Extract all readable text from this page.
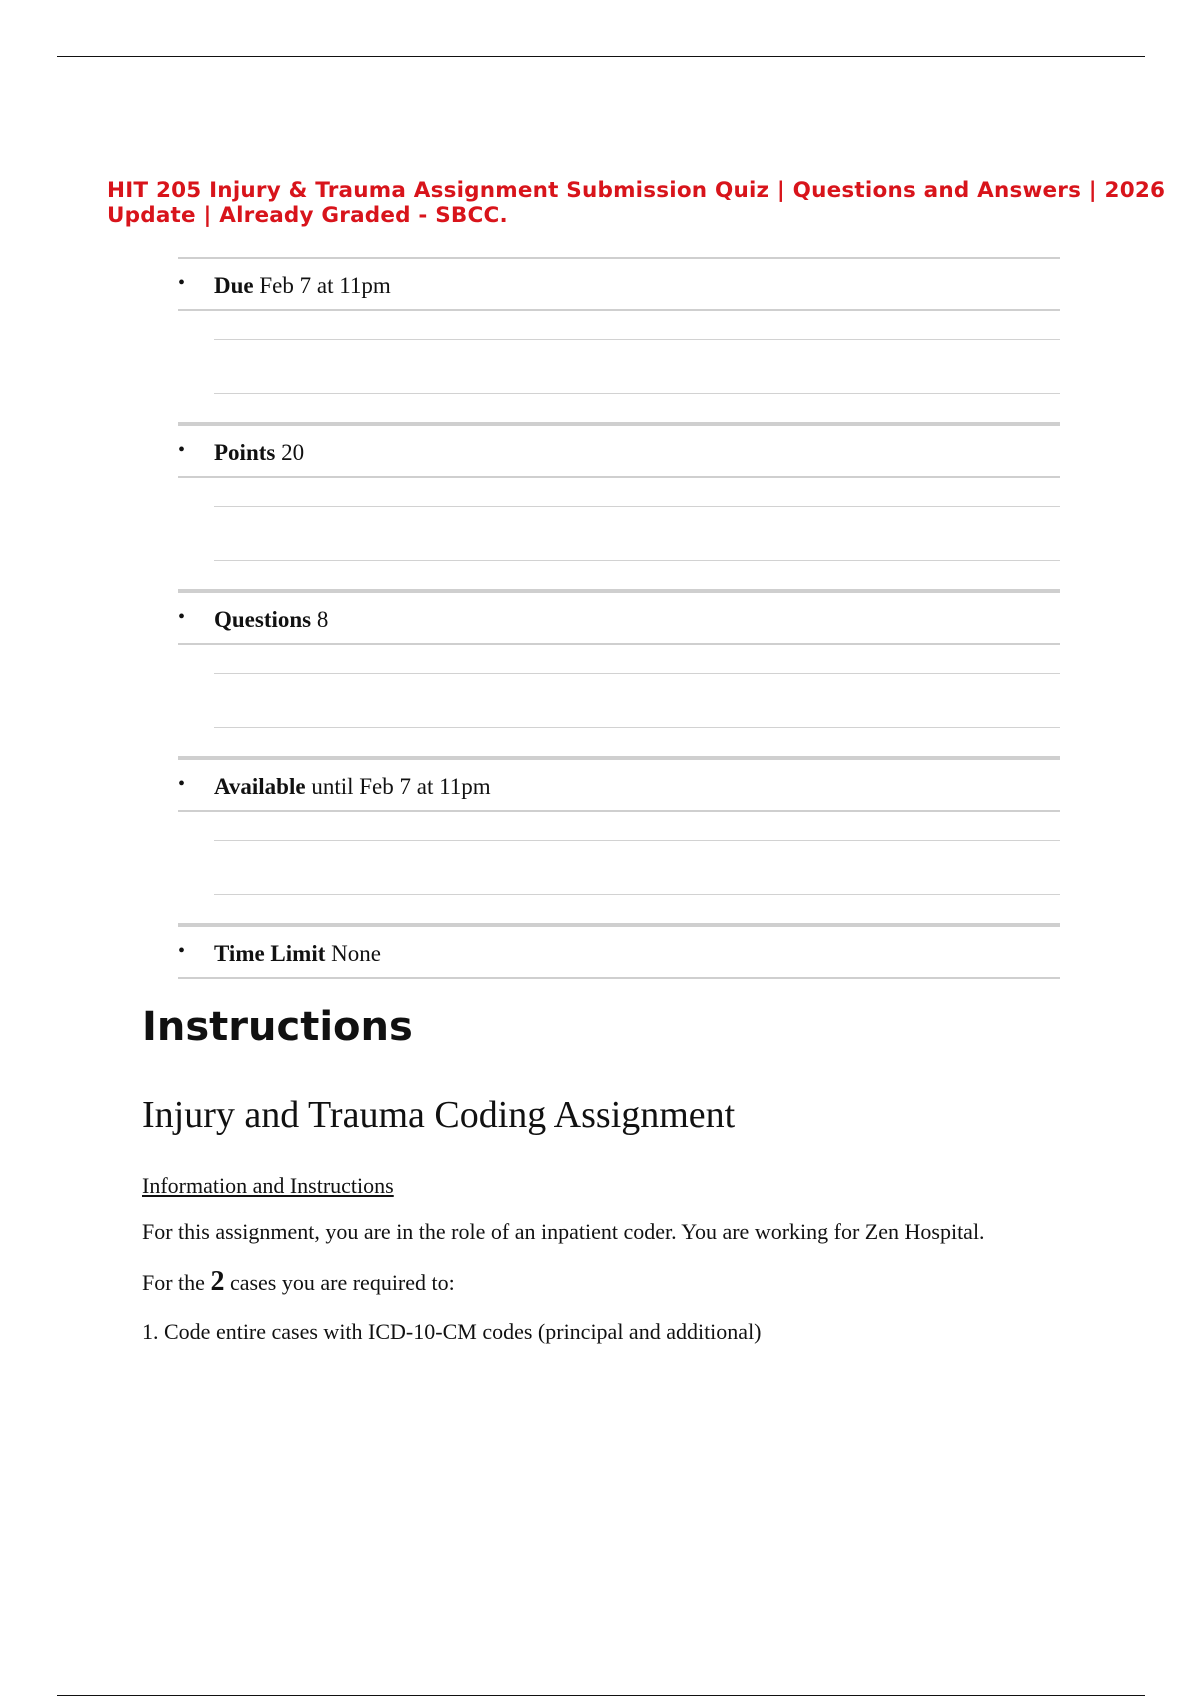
HIT 205 Injury & Trauma Assignment Submission Quiz | Questions and Answers | 2026 Update | Already Graded - SBCC.
• Due Feb 7 at 11pm
• Points 20
• Questions 8
• Available until Feb 7 at 11pm
• Time Limit None
Instructions
Injury and Trauma Coding Assignment

Information and Instructions

For this assignment, you are in the role of an inpatient coder. You are working for Zen Hospital.

For the 2 cases you are required to:

1. Code entire cases with ICD-10-CM codes (principal and additional)
